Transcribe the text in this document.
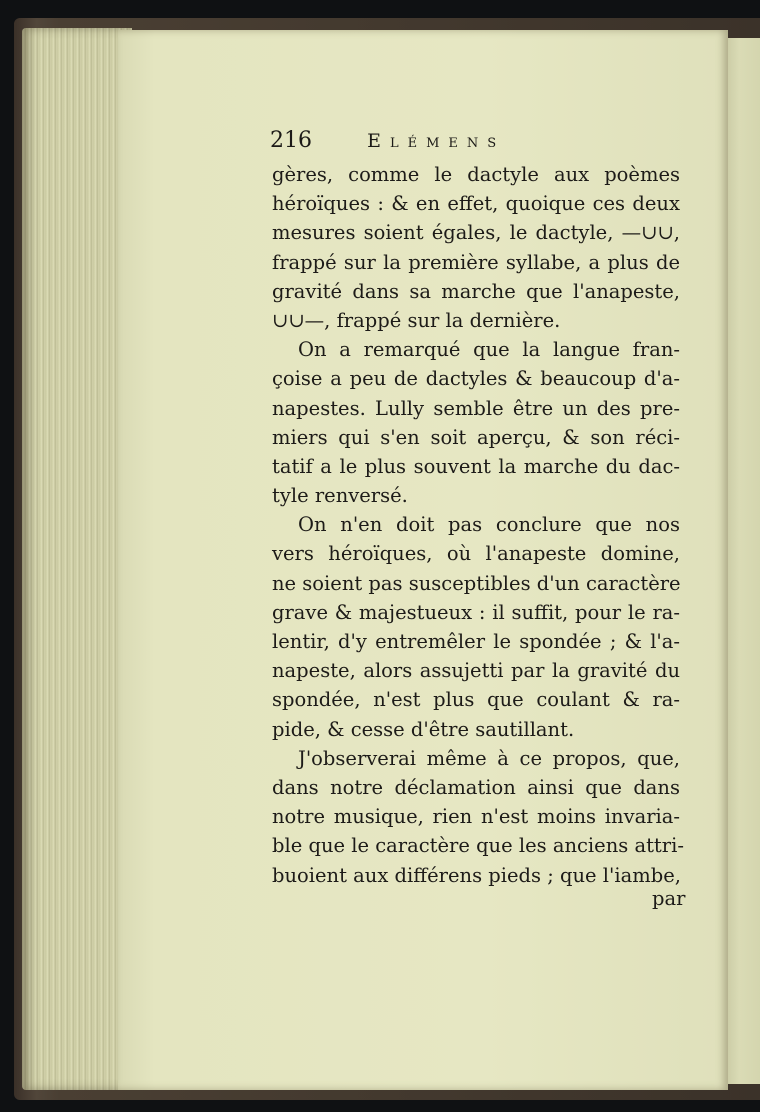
216	Elémens
gères, comme le dactyle aux poèmes
héroïques : & en effet, quoique ces deux
mesures soient égales, le dactyle, —∪∪,
frappé sur la première syllabe, a plus de
gravité dans sa marche que l'anapeste,
∪∪—, frappé sur la dernière.
On a remarqué que la langue fran-
çoise a peu de dactyles & beaucoup d'a-
napestes. Lully semble être un des pre-
miers qui s'en soit aperçu, & son réci-
tatif a le plus souvent la marche du dac-
tyle renversé.
On n'en doit pas conclure que nos
vers héroïques, où l'anapeste domine,
ne soient pas susceptibles d'un caractère
grave & majestueux : il suffit, pour le ra-
lentir, d'y entremêler le spondée ; & l'a-
napeste, alors assujetti par la gravité du
spondée, n'est plus que coulant & ra-
pide, & cesse d'être sautillant.
J'observerai même à ce propos, que,
dans notre déclamation ainsi que dans
notre musique, rien n'est moins invaria-
ble que le caractère que les anciens attri-
buoient aux différens pieds ; que l'iambe,
par
